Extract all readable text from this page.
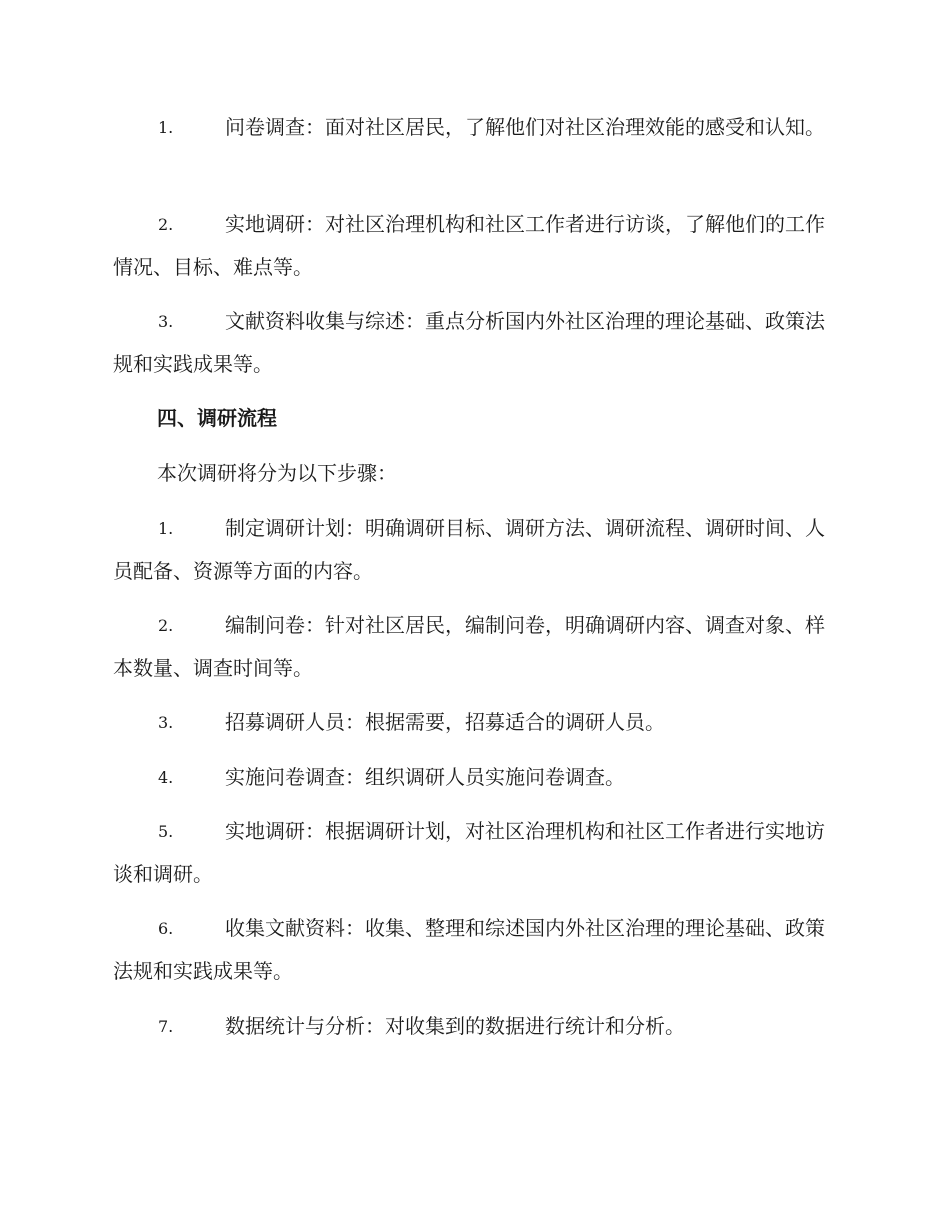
1.	问卷调查：面对社区居民，了解他们对社区治理效能的感受和认知。

2.	实地调研：对社区治理机构和社区工作者进行访谈，了解他们的工作情况、目标、难点等。

3.	文献资料收集与综述：重点分析国内外社区治理的理论基础、政策法规和实践成果等。

四、调研流程
本次调研将分为以下步骤：
1.	制定调研计划：明确调研目标、调研方法、调研流程、调研时间、人员配备、资源等方面的内容。

2.	编制问卷：针对社区居民，编制问卷，明确调研内容、调查对象、样本数量、调查时间等。

3.	招募调研人员：根据需要，招募适合的调研人员。

4.	实施问卷调查：组织调研人员实施问卷调查。

5.	实地调研：根据调研计划，对社区治理机构和社区工作者进行实地访谈和调研。

6.	收集文献资料：收集、整理和综述国内外社区治理的理论基础、政策法规和实践成果等。

7.	数据统计与分析：对收集到的数据进行统计和分析。
